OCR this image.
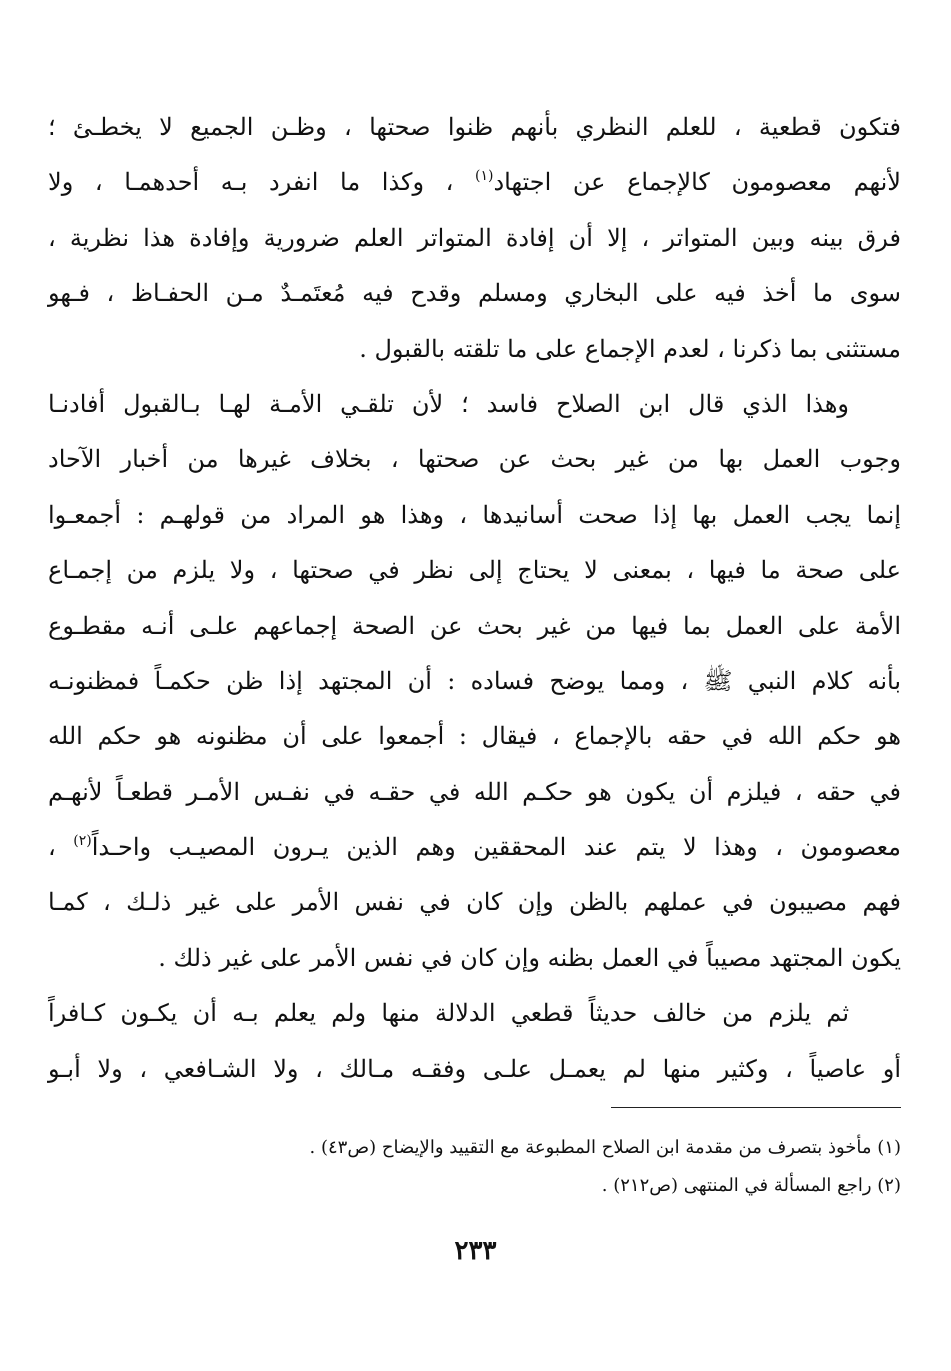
فتكون قطعية ، للعلم النظري بأنهم ظنوا صحتها ، وظـن الجميع لا يخطـئ ؛
لأنهم معصومون كالإجماع عن اجتهاد$^{(١)}$ ، وكذا ما انفرد بـه أحدهمـا ، ولا
فرق بينه وبين المتواتر ، إلا أن إفادة المتواتر العلم ضرورية وإفادة هذا نظرية ،
سوى ما أخذ فيه على البخاري ومسلم وقدح فيه مُعتَمـدٌ مـن الحفـاظ ، فـهو
مستثنى بما ذكرنا ، لعدم الإجماع على ما تلقته بالقبول .
وهذا الذي قال ابن الصلاح فاسد ؛ لأن تلقـي الأمـة لهـا بـالقبول أفادنـا
وجوب العمل بها من غير بحث عن صحتها ، بخلاف غيرها من أخبار الآحاد
إنما يجب العمل بها إذا صحت أسانيدها ، وهذا هو المراد من قولهـم : أجمعـوا
على صحة ما فيها ، بمعنى لا يحتاج إلى نظر في صحتها ، ولا يلزم من إجمـاع
الأمة على العمل بما فيها من غير بحث عن الصحة إجماعهم علـى أنـه مقطـوع
بأنه كلام النبي ﷺ ، ومما يوضح فساده : أن المجتهد إذا ظن حكمـاً فمظنونـه
هو حكم الله في حقه بالإجماع ، فيقال : أجمعوا على أن مظنونه هو حكم الله
في حقه ، فيلزم أن يكون هو حكـم الله في حقـه في نفـس الأمـر قطعـاً لأنهـم
معصومون ، وهذا لا يتم عند المحققين وهم الذين يـرون المصيـب واحـداً$^{(٢)}$ ،
فهم مصيبون في عملهم بالظن وإن كان في نفس الأمر على غير ذلـك ، كمـا
يكون المجتهد مصيباً في العمل بظنه وإن كان في نفس الأمر على غير ذلك .
ثم يلزم من خالف حديثاً قطعي الدلالة منها ولم يعلم بـه أن يكـون كـافراً
أو عاصياً ، وكثير منها لم يعمـل علـى وفقـه مـالك ، ولا الشـافعي ، ولا أبـو
(١) مأخوذ بتصرف من مقدمة ابن الصلاح المطبوعة مع التقييد والإيضاح (ص٤٣) .
(٢) راجع المسألة في المنتهى (ص٢١٢) .
٢٣٣
